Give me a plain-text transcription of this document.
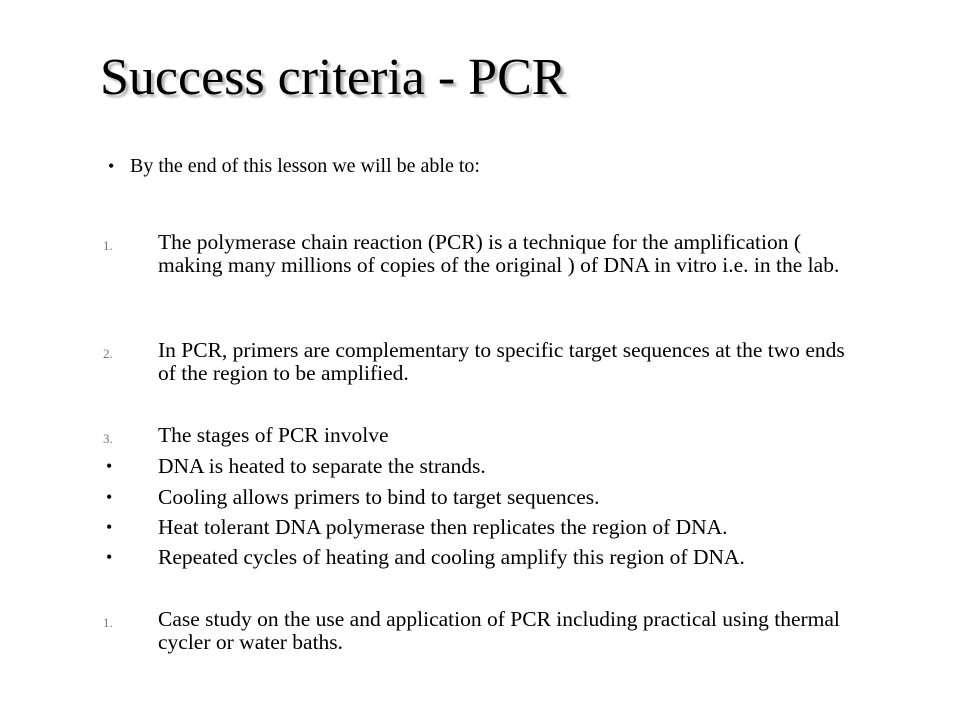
Success criteria - PCR
• By the end of this lesson we will be able to:
1.	The polymerase chain reaction (PCR) is a technique for the amplification ( making many millions of copies of the original ) of DNA in vitro i.e. in the lab.
2.	In PCR, primers are complementary to specific target sequences at the two ends of the region to be amplified.
3.	The stages of PCR involve
•	DNA is heated to separate the strands.
•	Cooling allows primers to bind to target sequences.
•	Heat tolerant DNA polymerase then replicates the region of DNA.
•	Repeated cycles of heating and cooling amplify this region of DNA.
1.	Case study on the use and application of PCR including practical using thermal cycler or water baths.
